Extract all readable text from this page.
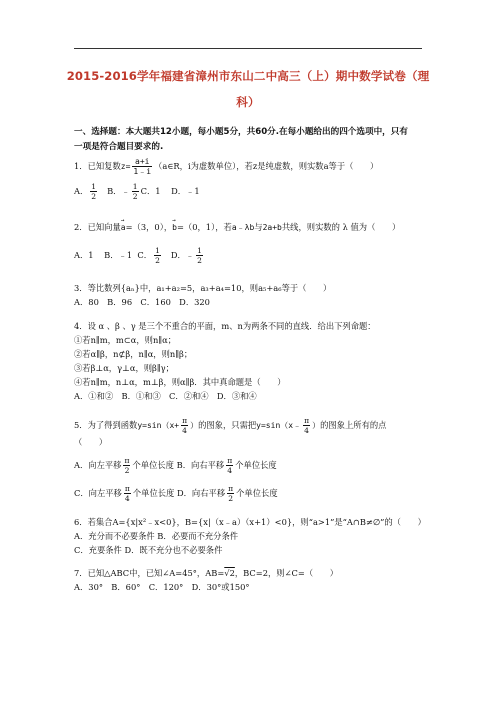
2015-2016学年福建省漳州市东山二中高三（上）期中数学试卷（理
科）
一、选择题：本大题共12小题，每小题5分，共60分.在每小题给出的四个选项中，只有
一项是符合题目要求的.
1．已知复数$z= \frac{a+i}{1﹣i}$ （a∈R，i为虚数单位），若z是纯虚数，则实数a等于（　　）
A． $\frac{1}{2}$ B．﹣ $\frac{1}{2}$ C．1 D．﹣1
2．已知向量→ a=（3，0），→ b=（0，1），若a﹣λb与2a+b共线，则实数的 λ 值为（　　）
A．1 B．﹣1 C． $\frac{1}{2}$ D．﹣ $\frac{1}{2}$
3．等比数列{aₙ}中，a₁+a₂=5，a₃+a₄=10，则a₅+a₆等于（　　）
A．80　B．96　C．160　D．320
4．设 α 、β 、γ 是三个不重合的平面，m、n为两条不同的直线．给出下列命题：
①若n∥m，m⊂α，则n∥α；
②若α∥β，n⊄β，n∥α，则n∥β；
③若β⊥α，γ⊥α，则β∥γ；
④若n∥m，n⊥α，m⊥β，则α∥β．其中真命题是（　　）
A．①和②　B．①和③　C．②和④　D．③和④
5．为了得到函数$y=\sin(x+ \frac{\pi}{4}$ ）的图象，只需把y=sin（x﹣ $\frac{\pi}{4}$ ）的图象上所有的点
（　　）
A．向左平移 $\frac{\pi}{2}$ 个单位长度 B．向右平移 $\frac{\pi}{4}$ 个单位长度
C．向左平移 $\frac{\pi}{4}$ 个单位长度 D．向右平移 $\frac{\pi}{2}$ 个单位长度
6．若集合A={x|x²﹣x<0}，B={x|（x﹣a）（x+1）<0}，则“a>1”是“A∩B≠∅”的（　　）
A．充分而不必要条件 B．必要而不充分条件
C．充要条件 D．既不充分也不必要条件
7．已知△ABC中，已知∠A=45°，AB=√2，BC=2，则∠C=（　　）
A．30°　B．60°　C．120°　D．30°或150°
